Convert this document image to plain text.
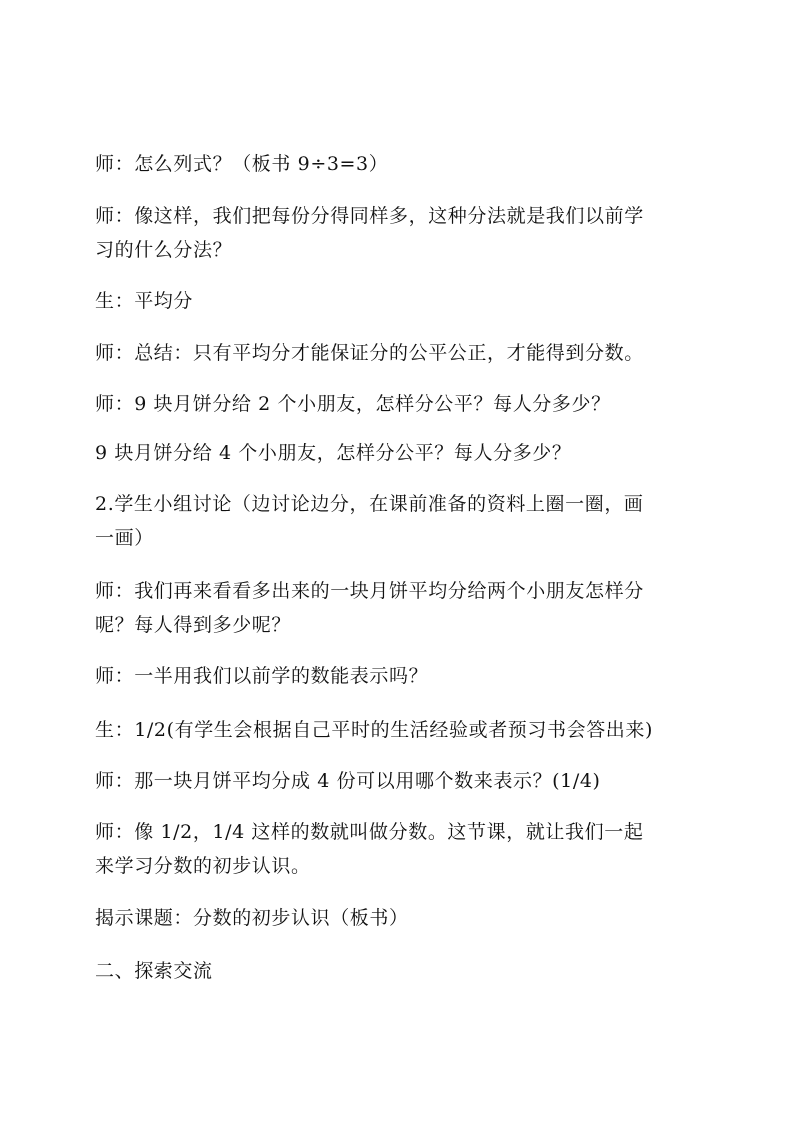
师：怎么列式？（板书 9÷3=3）
师：像这样，我们把每份分得同样多，这种分法就是我们以前学
习的什么分法？
生：平均分
师：总结：只有平均分才能保证分的公平公正，才能得到分数。
师：9 块月饼分给 2 个小朋友，怎样分公平？每人分多少？
9 块月饼分给 4 个小朋友，怎样分公平？每人分多少？
2.学生小组讨论（边讨论边分，在课前准备的资料上圈一圈，画
一画）
师：我们再来看看多出来的一块月饼平均分给两个小朋友怎样分
呢？每人得到多少呢？
师：一半用我们以前学的数能表示吗？
生：1/2(有学生会根据自己平时的生活经验或者预习书会答出来)
师：那一块月饼平均分成 4 份可以用哪个数来表示？(1/4)
师：像 1/2，1/4 这样的数就叫做分数。这节课，就让我们一起
来学习分数的初步认识。
揭示课题：分数的初步认识（板书）
二、探索交流
